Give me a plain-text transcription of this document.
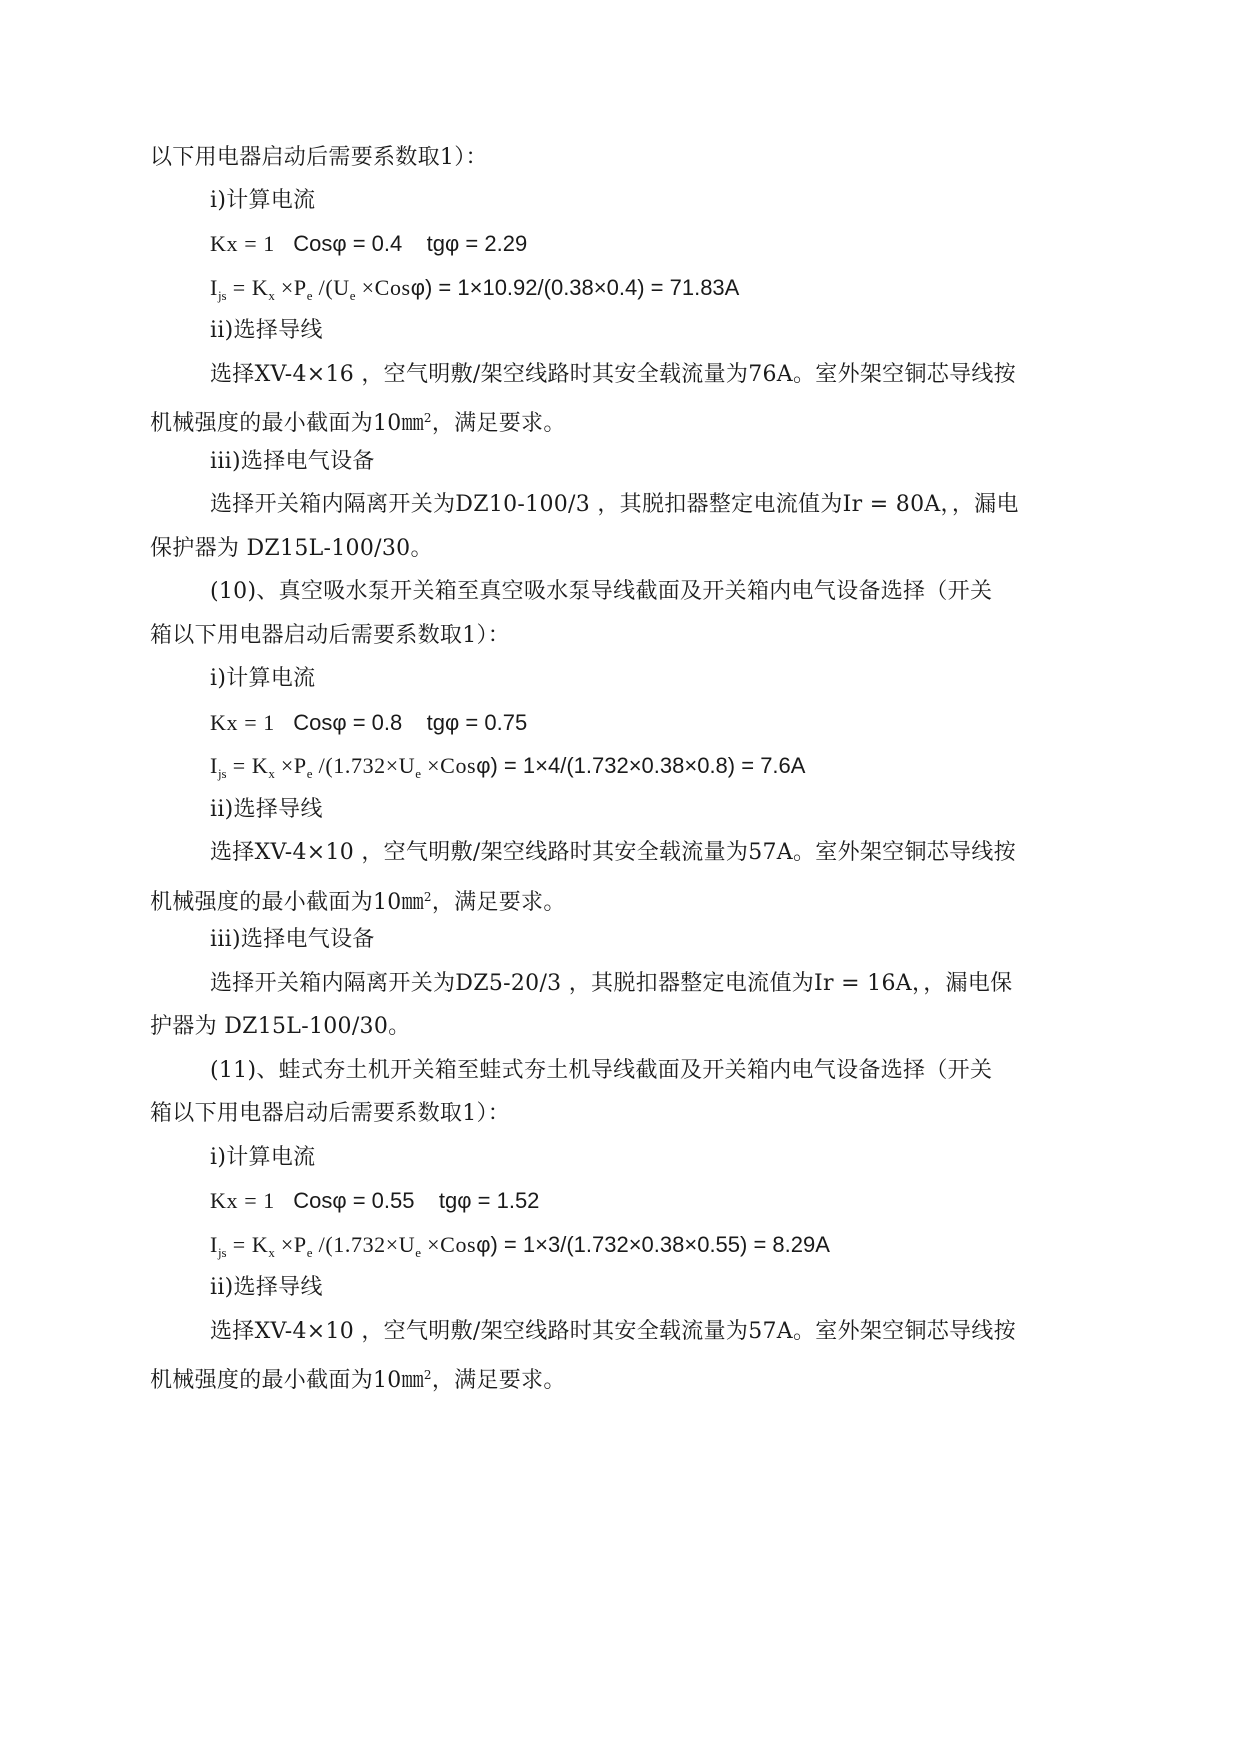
以下用电器启动后需要系数取1）：
i)计算电流
Kx = 1 Cosφ = 0.4 tgφ = 2.29
$I_{js} = K_x \times P_e$ $/(U_e \times Cos\varphi) = 1\times 10.92/(0.38\times 0.4) = 71.83A$
ii)选择导线
选择XV-4×16 ，空气明敷/架空线路时其安全载流量为76A。室外架空铜芯导线按
机械强度的最小截面为10㎜$^2$，满足要求。
iii)选择电气设备
选择开关箱内隔离开关为DZ10-100/3 ，其脱扣器整定电流值为Ir = 80A，，漏电
保护器为 DZ15L-100/30。
(10)、真空吸水泵开关箱至真空吸水泵导线截面及开关箱内电气设备选择（开关
箱以下用电器启动后需要系数取1）：
i)计算电流
Kx = 1 Cosφ = 0.8 tgφ = 0.75
$I_{js} = K_x \times P_e$ $/(1.732\times U_e \times Cos\varphi) = 1\times 4/(1.732\times 0.38\times 0.8) = 7.6A$
ii)选择导线
选择XV-4×10 ，空气明敷/架空线路时其安全载流量为57A。室外架空铜芯导线按
机械强度的最小截面为10㎜$^2$，满足要求。
iii)选择电气设备
选择开关箱内隔离开关为DZ5-20/3 ，其脱扣器整定电流值为Ir = 16A，，漏电保
护器为 DZ15L-100/30。
(11)、蛙式夯土机开关箱至蛙式夯土机导线截面及开关箱内电气设备选择（开关
箱以下用电器启动后需要系数取1）：
i)计算电流
Kx = 1 Cosφ = 0.55 tgφ = 1.52
$I_{js} = K_x \times P_e$ $/(1.732\times U_e \times Cos\varphi) = 1\times 3/(1.732\times 0.38\times 0.55) = 8.29A$
ii)选择导线
选择XV-4×10 ，空气明敷/架空线路时其安全载流量为57A。室外架空铜芯导线按
机械强度的最小截面为10㎜$^2$，满足要求。
